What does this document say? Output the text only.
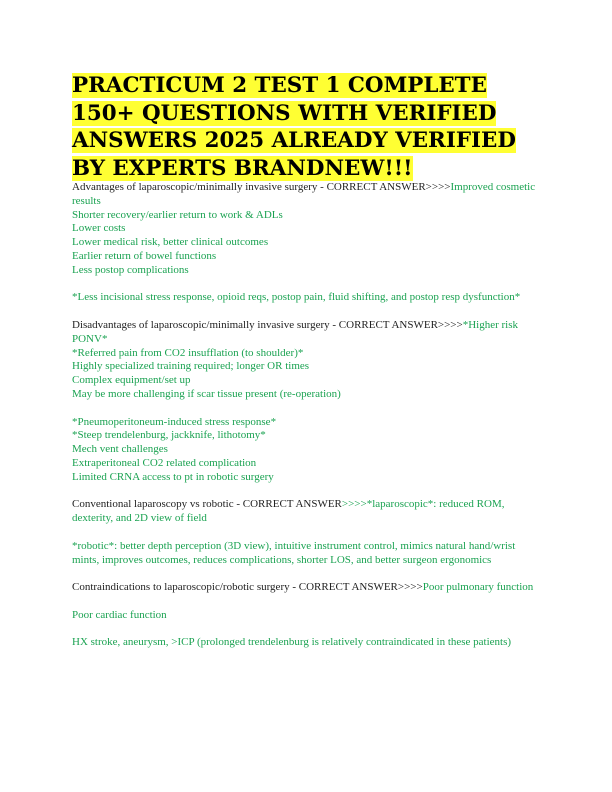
PRACTICUM 2 TEST 1 COMPLETE
150+ QUESTIONS WITH VERIFIED
ANSWERS 2025 ALREADY VERIFIED
BY EXPERTS BRANDNEW!!!
Advantages of laparoscopic/minimally invasive surgery - CORRECT ANSWER>>>>Improved cosmetic results
Shorter recovery/earlier return to work & ADLs
Lower costs
Lower medical risk, better clinical outcomes
Earlier return of bowel functions
Less postop complications
*Less incisional stress response, opioid reqs, postop pain, fluid shifting, and postop resp dysfunction*
Disadvantages of laparoscopic/minimally invasive surgery - CORRECT ANSWER>>>>*Higher risk PONV*
*Referred pain from CO2 insufflation (to shoulder)*
Highly specialized training required; longer OR times
Complex equipment/set up
May be more challenging if scar tissue present (re-operation)
*Pneumoperitoneum-induced stress response*
*Steep trendelenburg, jackknife, lithotomy*
Mech vent challenges
Extraperitoneal CO2 related complication
Limited CRNA access to pt in robotic surgery
Conventional laparoscopy vs robotic - CORRECT ANSWER>>>>*laparoscopic*: reduced ROM, dexterity, and 2D view of field
*robotic*: better depth perception (3D view), intuitive instrument control, mimics natural hand/wrist mints, improves outcomes, reduces complications, shorter LOS, and better surgeon ergonomics
Contraindications to laparoscopic/robotic surgery - CORRECT ANSWER>>>>Poor pulmonary function
Poor cardiac function
HX stroke, aneurysm, >ICP (prolonged trendelenburg is relatively contraindicated in these patients)
